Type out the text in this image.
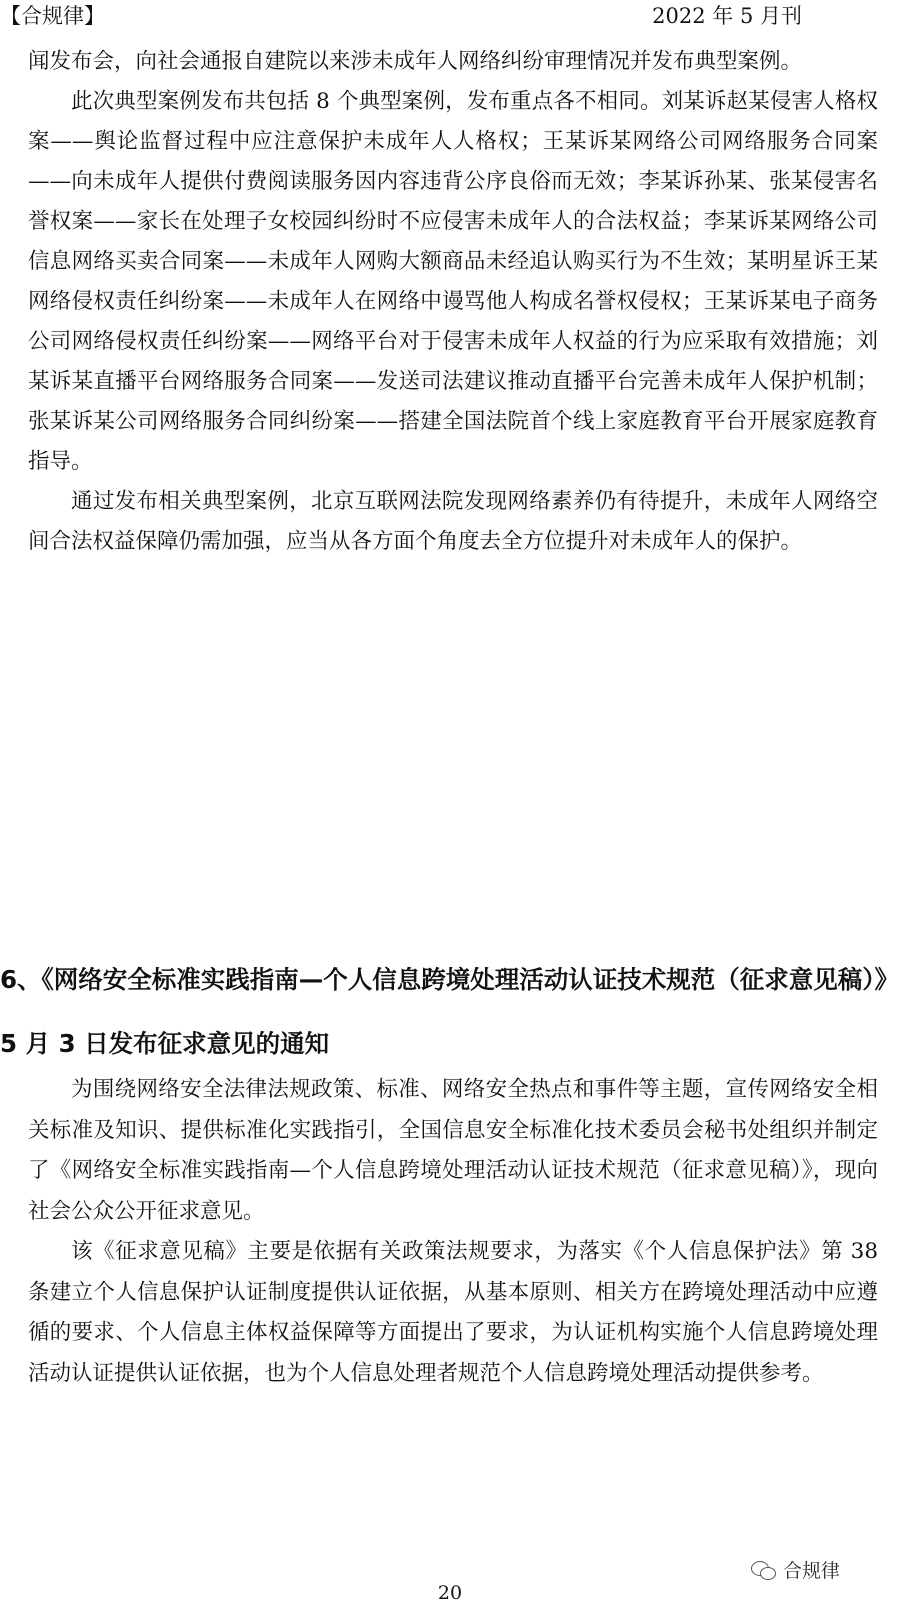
【合规律】	2022 年 5 月刊

闻发布会，向社会通报自建院以来涉未成年人网络纠纷审理情况并发布典型案例。

此次典型案例发布共包括 8 个典型案例，发布重点各不相同。刘某诉赵某侵害人格权案——舆论监督过程中应注意保护未成年人人格权；王某诉某网络公司网络服务合同案——向未成年人提供付费阅读服务因内容违背公序良俗而无效；李某诉孙某、张某侵害名誉权案——家长在处理子女校园纠纷时不应侵害未成年人的合法权益；李某诉某网络公司信息网络买卖合同案——未成年人网购大额商品未经追认购买行为不生效；某明星诉王某网络侵权责任纠纷案——未成年人在网络中谩骂他人构成名誉权侵权；王某诉某电子商务公司网络侵权责任纠纷案——网络平台对于侵害未成年人权益的行为应采取有效措施；刘某诉某直播平台网络服务合同案——发送司法建议推动直播平台完善未成年人保护机制；张某诉某公司网络服务合同纠纷案——搭建全国法院首个线上家庭教育平台开展家庭教育指导。

通过发布相关典型案例，北京互联网法院发现网络素养仍有待提升，未成年人网络空间合法权益保障仍需加强，应当从各方面个角度去全方位提升对未成年人的保护。

6、《网络安全标准实践指南—个人信息跨境处理活动认证技术规范（征求意见稿）》5 月 3 日发布征求意见的通知

为围绕网络安全法律法规政策、标准、网络安全热点和事件等主题，宣传网络安全相关标准及知识、提供标准化实践指引，全国信息安全标准化技术委员会秘书处组织并制定了《网络安全标准实践指南—个人信息跨境处理活动认证技术规范（征求意见稿）》，现向社会公众公开征求意见。

该《征求意见稿》主要是依据有关政策法规要求，为落实《个人信息保护法》第 38 条建立个人信息保护认证制度提供认证依据，从基本原则、相关方在跨境处理活动中应遵循的要求、个人信息主体权益保障等方面提出了要求，为认证机构实施个人信息跨境处理活动认证提供认证依据，也为个人信息处理者规范个人信息跨境处理活动提供参考。

合规律
20
